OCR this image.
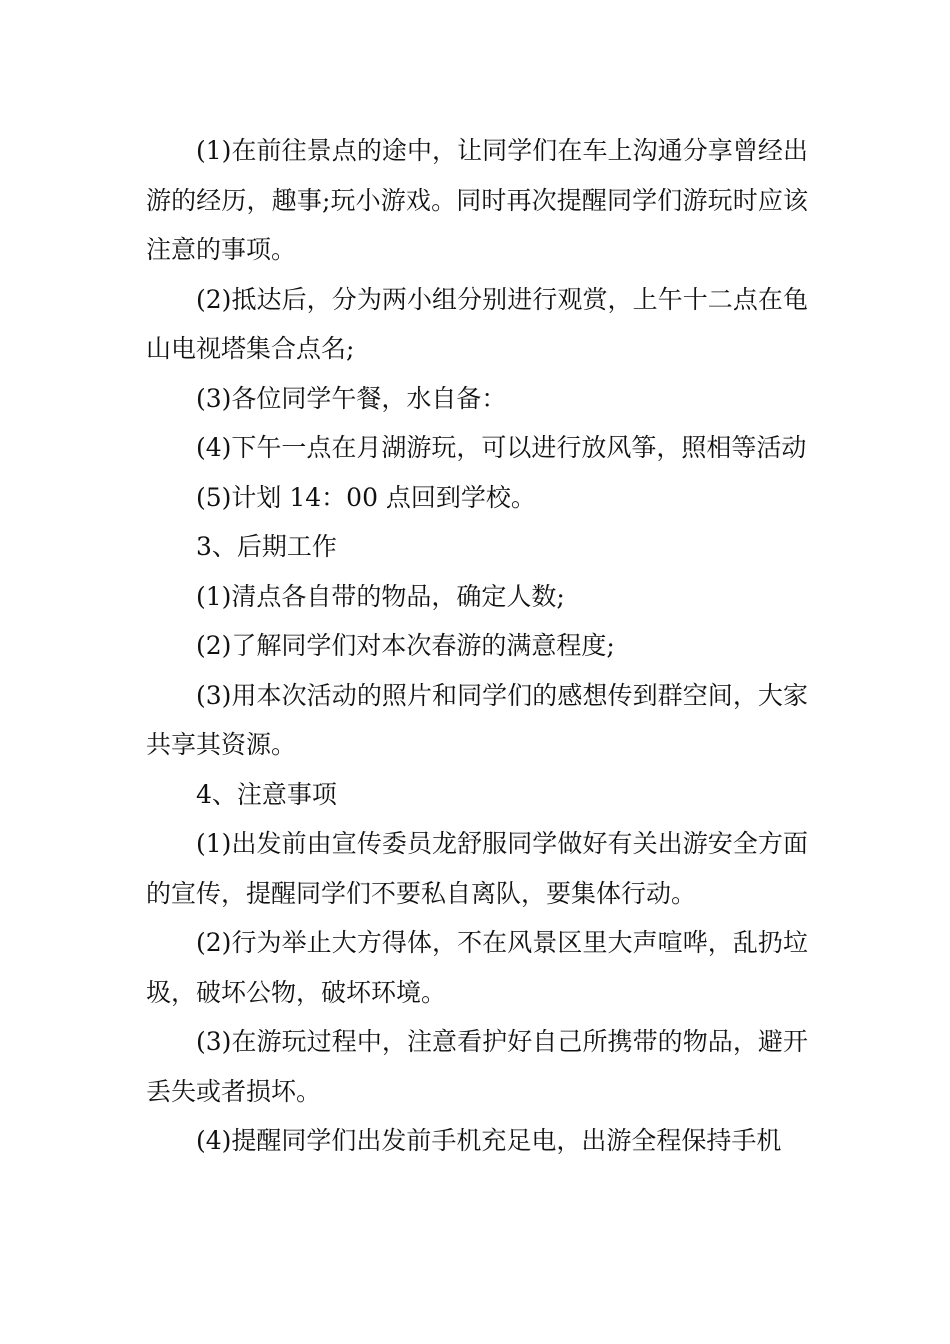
(1)在前往景点的途中，让同学们在车上沟通分享曾经出游的经历，趣事;玩小游戏。同时再次提醒同学们游玩时应该注意的事项。

(2)抵达后，分为两小组分别进行观赏，上午十二点在龟山电视塔集合点名;

(3)各位同学午餐，水自备：

(4)下午一点在月湖游玩，可以进行放风筝，照相等活动

(5)计划 14：00 点回到学校。

3、后期工作

(1)清点各自带的物品，确定人数;

(2)了解同学们对本次春游的满意程度;

(3)用本次活动的照片和同学们的感想传到群空间，大家共享其资源。

4、注意事项

(1)出发前由宣传委员龙舒服同学做好有关出游安全方面的宣传，提醒同学们不要私自离队，要集体行动。

(2)行为举止大方得体，不在风景区里大声喧哗，乱扔垃圾，破坏公物，破坏环境。

(3)在游玩过程中，注意看护好自己所携带的物品，避开丢失或者损坏。

(4)提醒同学们出发前手机充足电，出游全程保持手机
